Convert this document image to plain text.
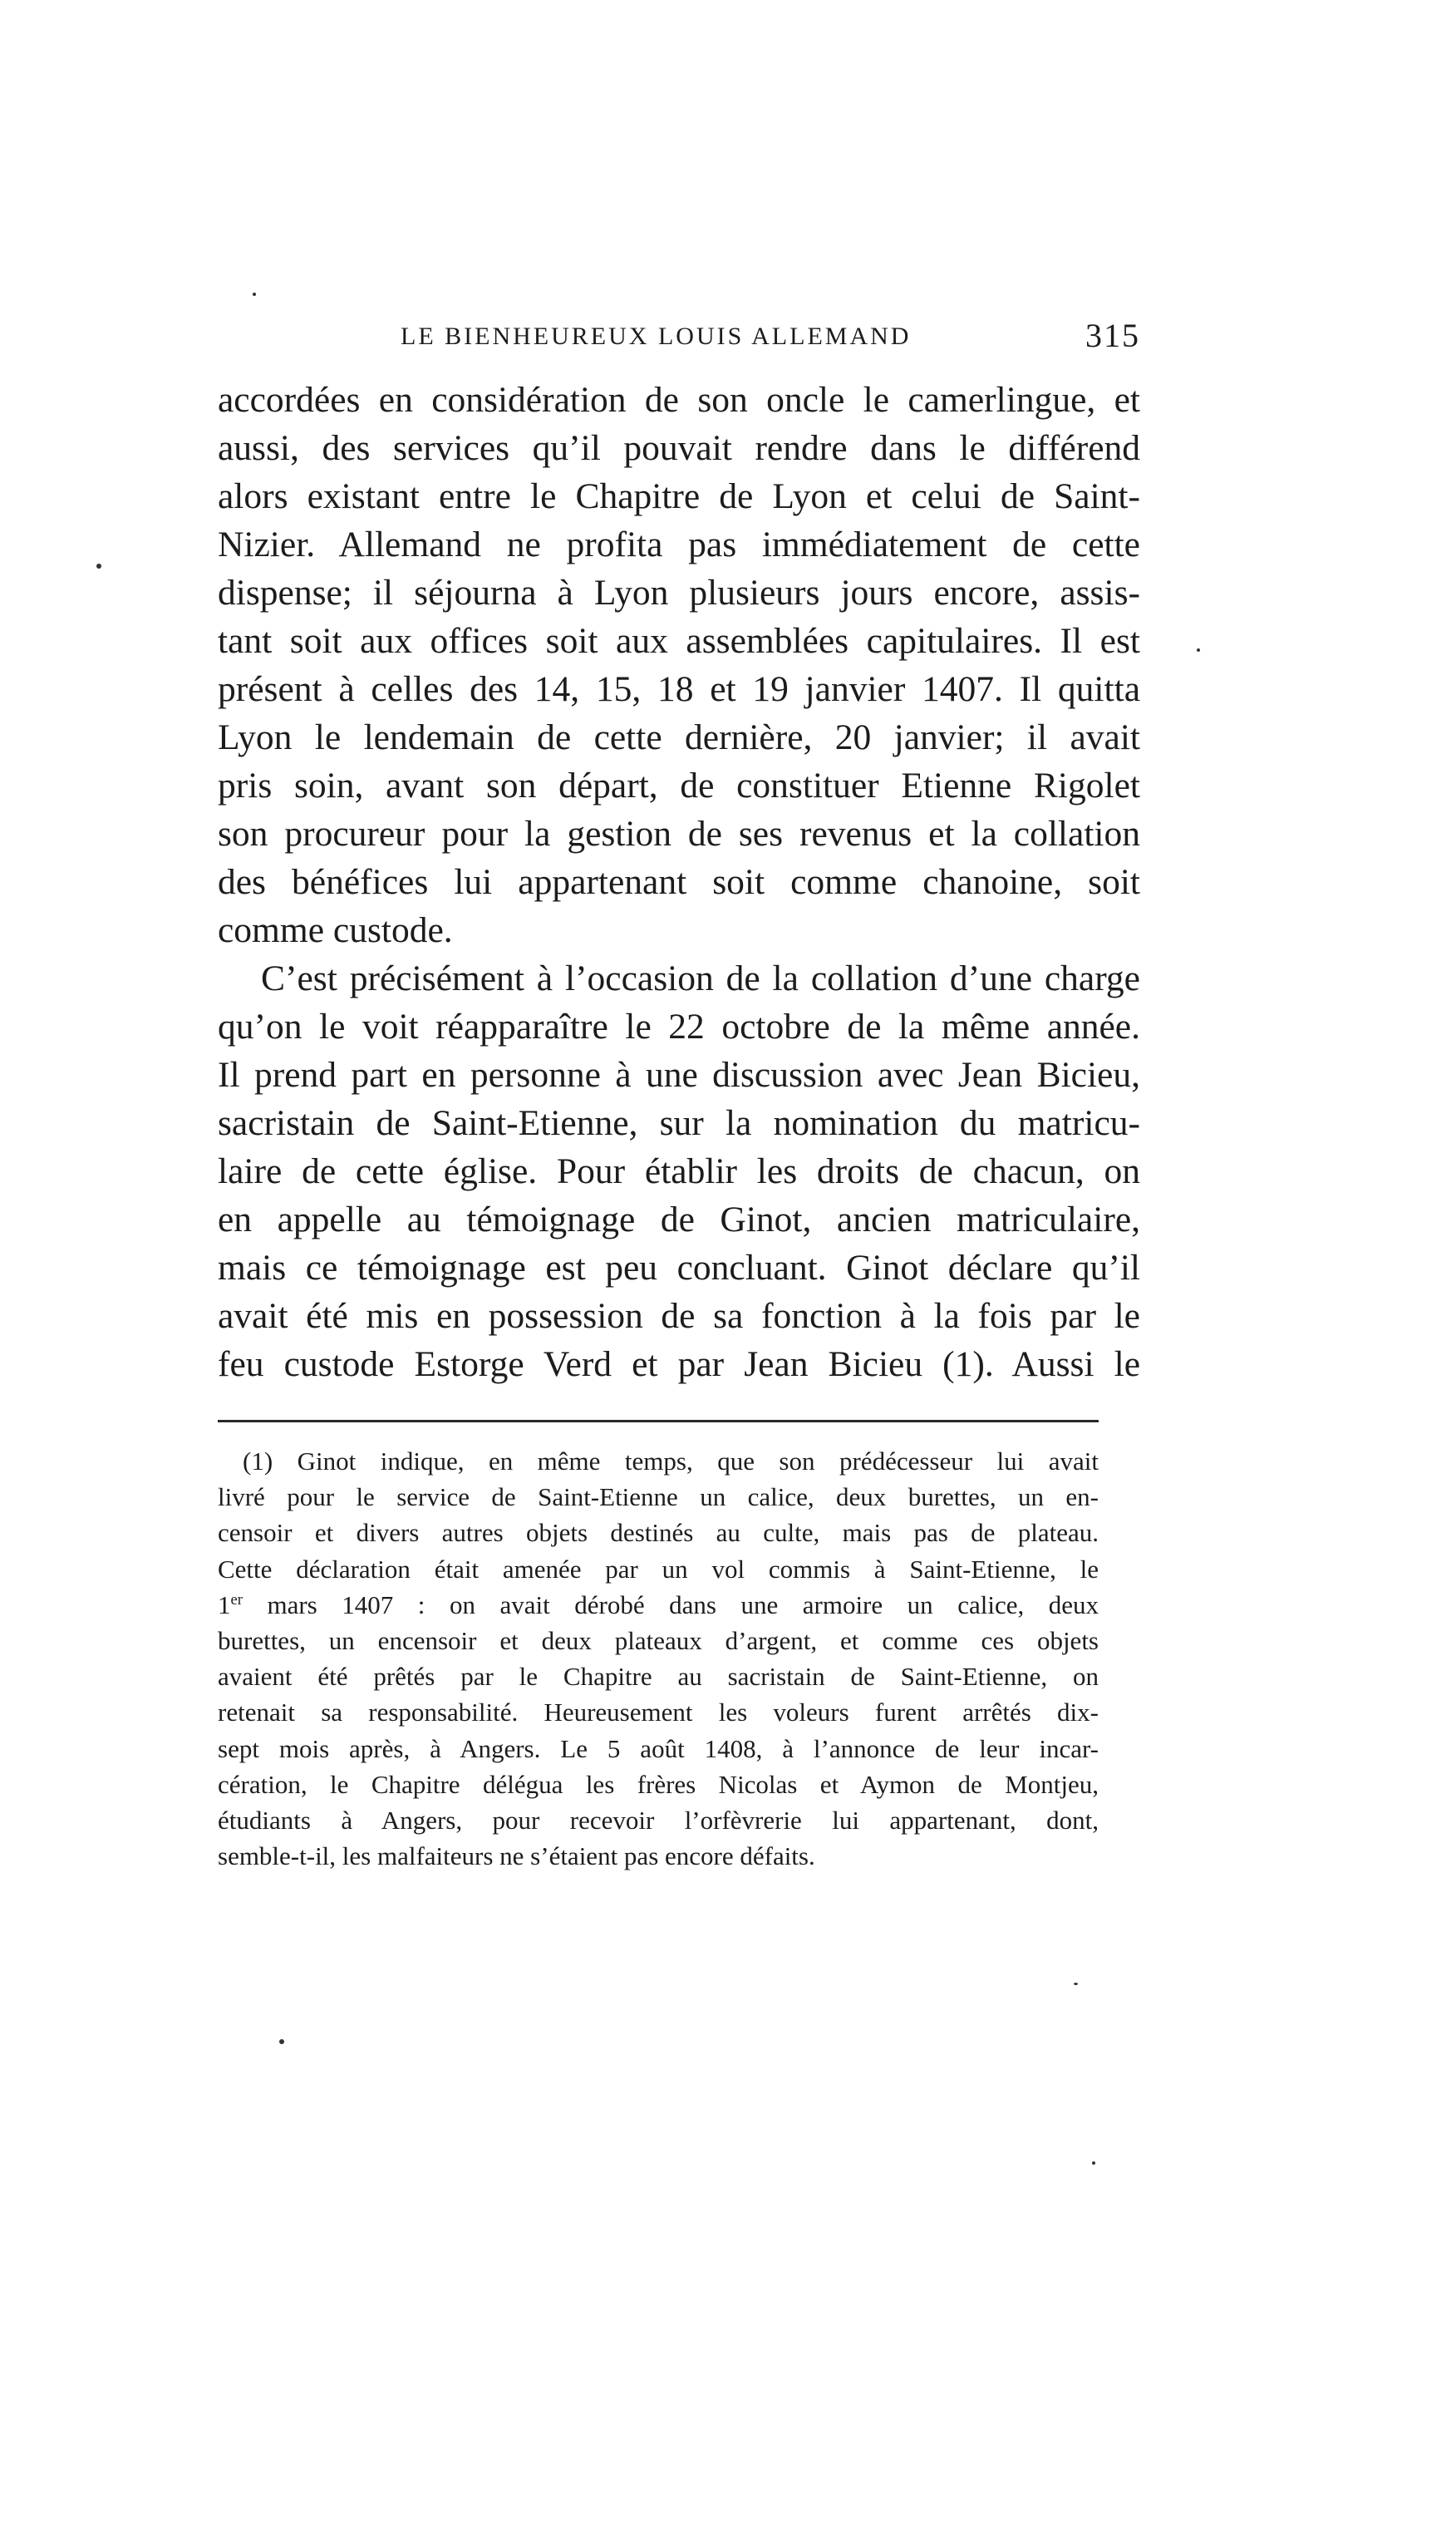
LE BIENHEUREUX LOUIS ALLEMAND	315
accordées en considération de son oncle le camerlingue, et
aussi, des services qu’il pouvait rendre dans le différend
alors existant entre le Chapitre de Lyon et celui de Saint-
Nizier. Allemand ne profita pas immédiatement de cette
dispense; il séjourna à Lyon plusieurs jours encore, assis-
tant soit aux offices soit aux assemblées capitulaires. Il est
présent à celles des 14, 15, 18 et 19 janvier 1407. Il quitta
Lyon le lendemain de cette dernière, 20 janvier; il avait
pris soin, avant son départ, de constituer Etienne Rigolet
son procureur pour la gestion de ses revenus et la collation
des bénéfices lui appartenant soit comme chanoine, soit
comme custode.
C’est précisément à l’occasion de la collation d’une charge
qu’on le voit réapparaître le 22 octobre de la même année.
Il prend part en personne à une discussion avec Jean Bicieu,
sacristain de Saint-Etienne, sur la nomination du matricu-
laire de cette église. Pour établir les droits de chacun, on
en appelle au témoignage de Ginot, ancien matriculaire,
mais ce témoignage est peu concluant. Ginot déclare qu’il
avait été mis en possession de sa fonction à la fois par le
feu custode Estorge Verd et par Jean Bicieu (1). Aussi le
(1) Ginot indique, en même temps, que son prédécesseur lui avait
livré pour le service de Saint-Etienne un calice, deux burettes, un en-
censoir et divers autres objets destinés au culte, mais pas de plateau.
Cette déclaration était amenée par un vol commis à Saint-Etienne, le
1er mars 1407 : on avait dérobé dans une armoire un calice, deux
burettes, un encensoir et deux plateaux d’argent, et comme ces objets
avaient été prêtés par le Chapitre au sacristain de Saint-Etienne, on
retenait sa responsabilité. Heureusement les voleurs furent arrêtés dix-
sept mois après, à Angers. Le 5 août 1408, à l’annonce de leur incar-
cération, le Chapitre délégua les frères Nicolas et Aymon de Montjeu,
étudiants à Angers, pour recevoir l’orfèvrerie lui appartenant, dont,
semble-t-il, les malfaiteurs ne s’étaient pas encore défaits.
